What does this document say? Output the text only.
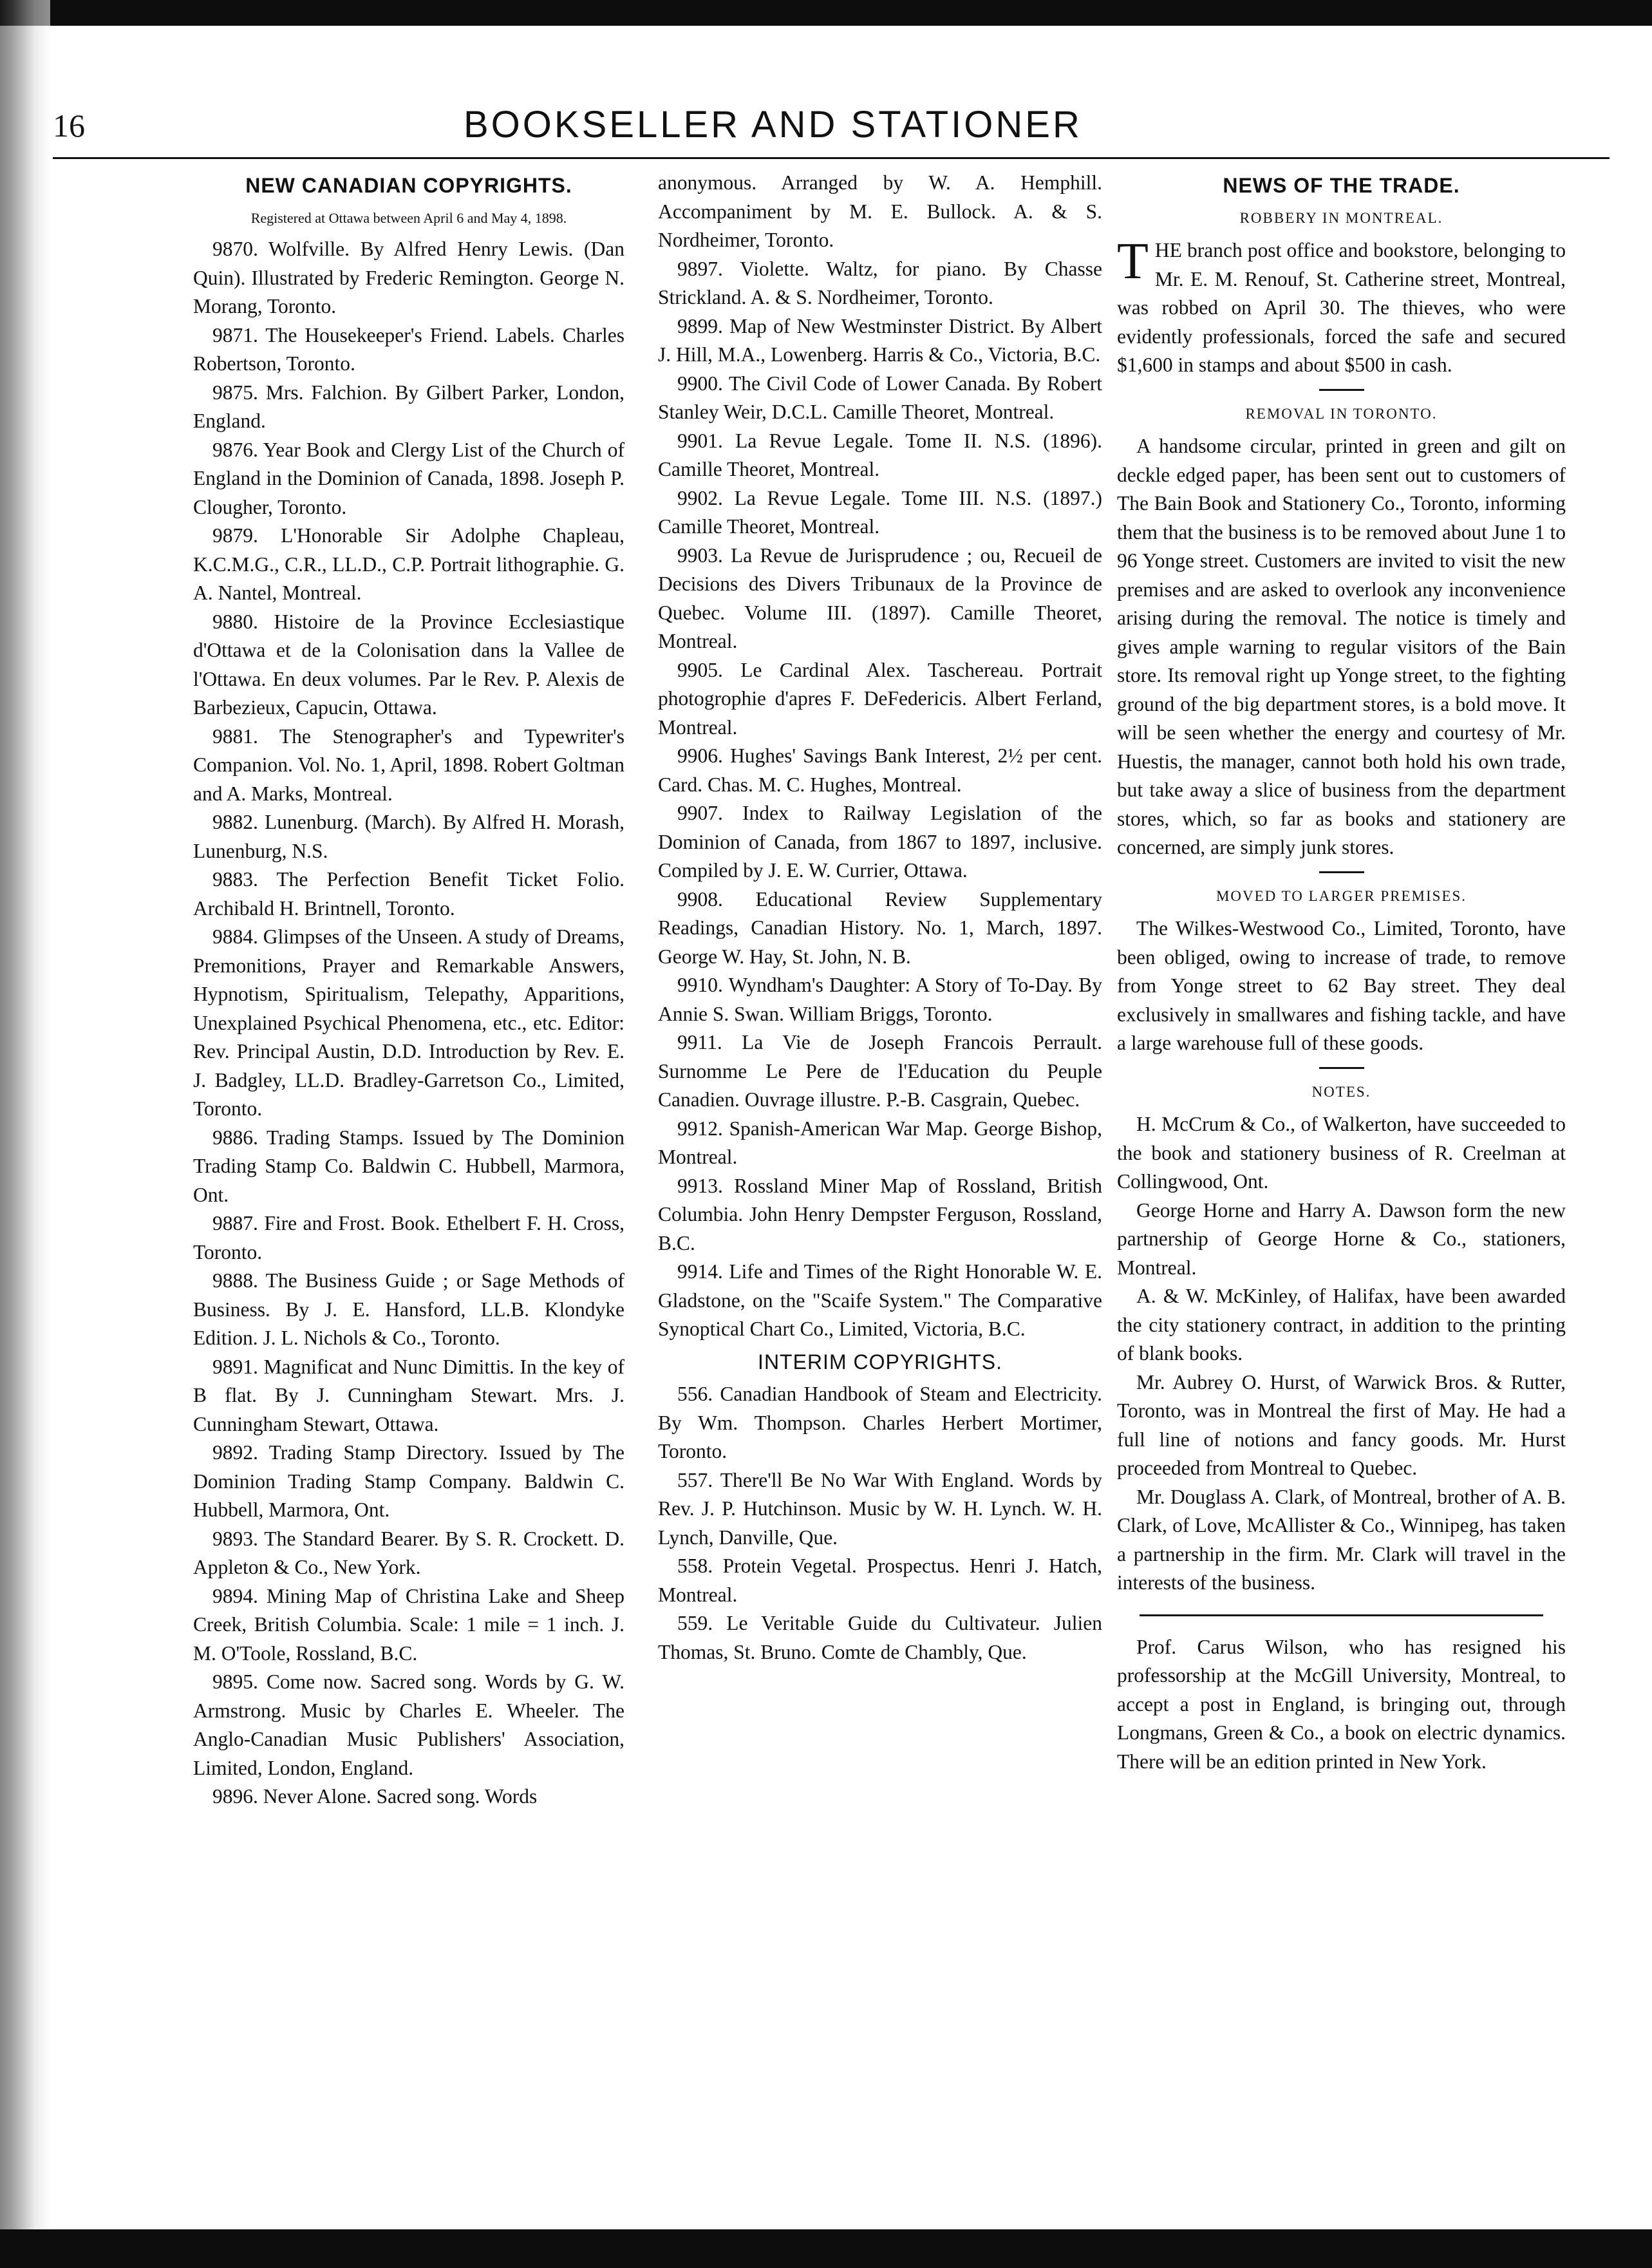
16	BOOKSELLER AND STATIONER
NEW CANADIAN COPYRIGHTS.
Registered at Ottawa between April 6 and May 4, 1898.

9870. Wolfville. By Alfred Henry Lewis. (Dan Quin). Illustrated by Frederic Remington. George N. Morang, Toronto.

9871. The Housekeeper's Friend. Labels. Charles Robertson, Toronto.

9875. Mrs. Falchion. By Gilbert Parker, London, England.

9876. Year Book and Clergy List of the Church of England in the Dominion of Canada, 1898. Joseph P. Clougher, Toronto.

9879. L'Honorable Sir Adolphe Chapleau, K.C.M.G., C.R., LL.D., C.P. Portrait lithographie. G. A. Nantel, Montreal.

9880. Histoire de la Province Ecclesiastique d'Ottawa et de la Colonisation dans la Vallee de l'Ottawa. En deux volumes. Par le Rev. P. Alexis de Barbezieux, Capucin, Ottawa.

9881. The Stenographer's and Typewriter's Companion. Vol. No. 1, April, 1898. Robert Goltman and A. Marks, Montreal.

9882. Lunenburg. (March). By Alfred H. Morash, Lunenburg, N.S.

9883. The Perfection Benefit Ticket Folio. Archibald H. Brintnell, Toronto.

9884. Glimpses of the Unseen. A study of Dreams, Premonitions, Prayer and Remarkable Answers, Hypnotism, Spiritualism, Telepathy, Apparitions, Unexplained Psychical Phenomena, etc., etc. Editor: Rev. Principal Austin, D.D. Introduction by Rev. E. J. Badgley, LL.D. Bradley-Garretson Co., Limited, Toronto.

9886. Trading Stamps. Issued by The Dominion Trading Stamp Co. Baldwin C. Hubbell, Marmora, Ont.

9887. Fire and Frost. Book. Ethelbert F. H. Cross, Toronto.

9888. The Business Guide ; or Sage Methods of Business. By J. E. Hansford, LL.B. Klondyke Edition. J. L. Nichols & Co., Toronto.

9891. Magnificat and Nunc Dimittis. In the key of B flat. By J. Cunningham Stewart. Mrs. J. Cunningham Stewart, Ottawa.

9892. Trading Stamp Directory. Issued by The Dominion Trading Stamp Company. Baldwin C. Hubbell, Marmora, Ont.

9893. The Standard Bearer. By S. R. Crockett. D. Appleton & Co., New York.

9894. Mining Map of Christina Lake and Sheep Creek, British Columbia. Scale: 1 mile = 1 inch. J. M. O'Toole, Rossland, B.C.

9895. Come now. Sacred song. Words by G. W. Armstrong. Music by Charles E. Wheeler. The Anglo-Canadian Music Publishers' Association, Limited, London, England.

9896. Never Alone. Sacred song. Words

anonymous. Arranged by W. A. Hemphill. Accompaniment by M. E. Bullock. A. & S. Nordheimer, Toronto.

9897. Violette. Waltz, for piano. By Chasse Strickland. A. & S. Nordheimer, Toronto.

9899. Map of New Westminster District. By Albert J. Hill, M.A., Lowenberg. Harris & Co., Victoria, B.C.

9900. The Civil Code of Lower Canada. By Robert Stanley Weir, D.C.L. Camille Theoret, Montreal.

9901. La Revue Legale. Tome II. N.S. (1896). Camille Theoret, Montreal.

9902. La Revue Legale. Tome III. N.S. (1897.) Camille Theoret, Montreal.

9903. La Revue de Jurisprudence ; ou, Recueil de Decisions des Divers Tribunaux de la Province de Quebec. Volume III. (1897). Camille Theoret, Montreal.

9905. Le Cardinal Alex. Taschereau. Portrait photogrophie d'apres F. DeFedericis. Albert Ferland, Montreal.

9906. Hughes' Savings Bank Interest, 2½ per cent. Card. Chas. M. C. Hughes, Montreal.

9907. Index to Railway Legislation of the Dominion of Canada, from 1867 to 1897, inclusive. Compiled by J. E. W. Currier, Ottawa.

9908. Educational Review Supplementary Readings, Canadian History. No. 1, March, 1897. George W. Hay, St. John, N. B.

9910. Wyndham's Daughter: A Story of To-Day. By Annie S. Swan. William Briggs, Toronto.

9911. La Vie de Joseph Francois Perrault. Surnomme Le Pere de l'Education du Peuple Canadien. Ouvrage illustre. P.-B. Casgrain, Quebec.

9912. Spanish-American War Map. George Bishop, Montreal.

9913. Rossland Miner Map of Rossland, British Columbia. John Henry Dempster Ferguson, Rossland, B.C.

9914. Life and Times of the Right Honorable W. E. Gladstone, on the "Scaife System." The Comparative Synoptical Chart Co., Limited, Victoria, B.C.

INTERIM COPYRIGHTS.

556. Canadian Handbook of Steam and Electricity. By Wm. Thompson. Charles Herbert Mortimer, Toronto.

557. There'll Be No War With England. Words by Rev. J. P. Hutchinson. Music by W. H. Lynch. W. H. Lynch, Danville, Que.

558. Protein Vegetal. Prospectus. Henri J. Hatch, Montreal.

559. Le Veritable Guide du Cultivateur. Julien Thomas, St. Bruno. Comte de Chambly, Que.

NEWS OF THE TRADE.
ROBBERY IN MONTREAL.

THE branch post office and bookstore, belonging to Mr. E. M. Renouf, St. Catherine street, Montreal, was robbed on April 30. The thieves, who were evidently professionals, forced the safe and secured $1,600 in stamps and about $500 in cash.

REMOVAL IN TORONTO.

A handsome circular, printed in green and gilt on deckle edged paper, has been sent out to customers of The Bain Book and Stationery Co., Toronto, informing them that the business is to be removed about June 1 to 96 Yonge street. Customers are invited to visit the new premises and are asked to overlook any inconvenience arising during the removal. The notice is timely and gives ample warning to regular visitors of the Bain store. Its removal right up Yonge street, to the fighting ground of the big department stores, is a bold move. It will be seen whether the energy and courtesy of Mr. Huestis, the manager, cannot both hold his own trade, but take away a slice of business from the department stores, which, so far as books and stationery are concerned, are simply junk stores.

MOVED TO LARGER PREMISES.

The Wilkes-Westwood Co., Limited, Toronto, have been obliged, owing to increase of trade, to remove from Yonge street to 62 Bay street. They deal exclusively in smallwares and fishing tackle, and have a large warehouse full of these goods.

NOTES.

H. McCrum & Co., of Walkerton, have succeeded to the book and stationery business of R. Creelman at Collingwood, Ont.

George Horne and Harry A. Dawson form the new partnership of George Horne & Co., stationers, Montreal.

A. & W. McKinley, of Halifax, have been awarded the city stationery contract, in addition to the printing of blank books.

Mr. Aubrey O. Hurst, of Warwick Bros. & Rutter, Toronto, was in Montreal the first of May. He had a full line of notions and fancy goods. Mr. Hurst proceeded from Montreal to Quebec.

Mr. Douglass A. Clark, of Montreal, brother of A. B. Clark, of Love, McAllister & Co., Winnipeg, has taken a partnership in the firm. Mr. Clark will travel in the interests of the business.

Prof. Carus Wilson, who has resigned his professorship at the McGill University, Montreal, to accept a post in England, is bringing out, through Longmans, Green & Co., a book on electric dynamics. There will be an edition printed in New York.
